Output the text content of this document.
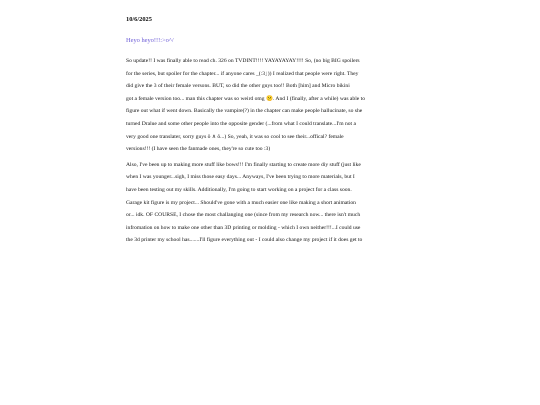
10/6/2025
Heyo heyo!!!:>o^/
So update!! I was finally able to read ch. 326 on TVDINT!!!! YAYAYAYAY!!!! So, (no big BIG spoilers
for the series, but spoiler for the chapter... if anyone cares _(:3」)) I realized that people were right. They
did give the 3 of their female versons. BUT, so did the other guys too!! Both [him] and Micro bikini
got a female version too... man this chapter was so weird omg 😕. And I (finally, after a while) was able to
figure out what if went down. Basically the vampire(?) in the chapter can make people hallucinate, so she
turned Dralue and some other people into the opposite gender (...from what I could translate...I'm not a
very good one translater, sorry guys ô ∧ ô...) So, yeah, it was so cool to see their...offical? female
versions!!! (I have seen the fanmade ones, they're so cute too :3)
Also, I've been up to making more stuff like bows!!! I'm finally starting to create more diy stuff (just like
when I was younger...sigh, I miss those easy days... Anyways, I've been trying to more materials, but I
have been testing out my skills. Additionally, I'm going to start working on a project for a class soon.
Garage kit figure is my project... Should've gone with a much easier one like making a short animation
or... idk. OF COURSE, I chose the most challanging one (since from my research now... there isn't much
infromation on how to make one other than 3D printing or molding - which I own neither!!!...I could use
the 3d printer my school has.......I'll figure everything out - I could also change my project if it does get to
